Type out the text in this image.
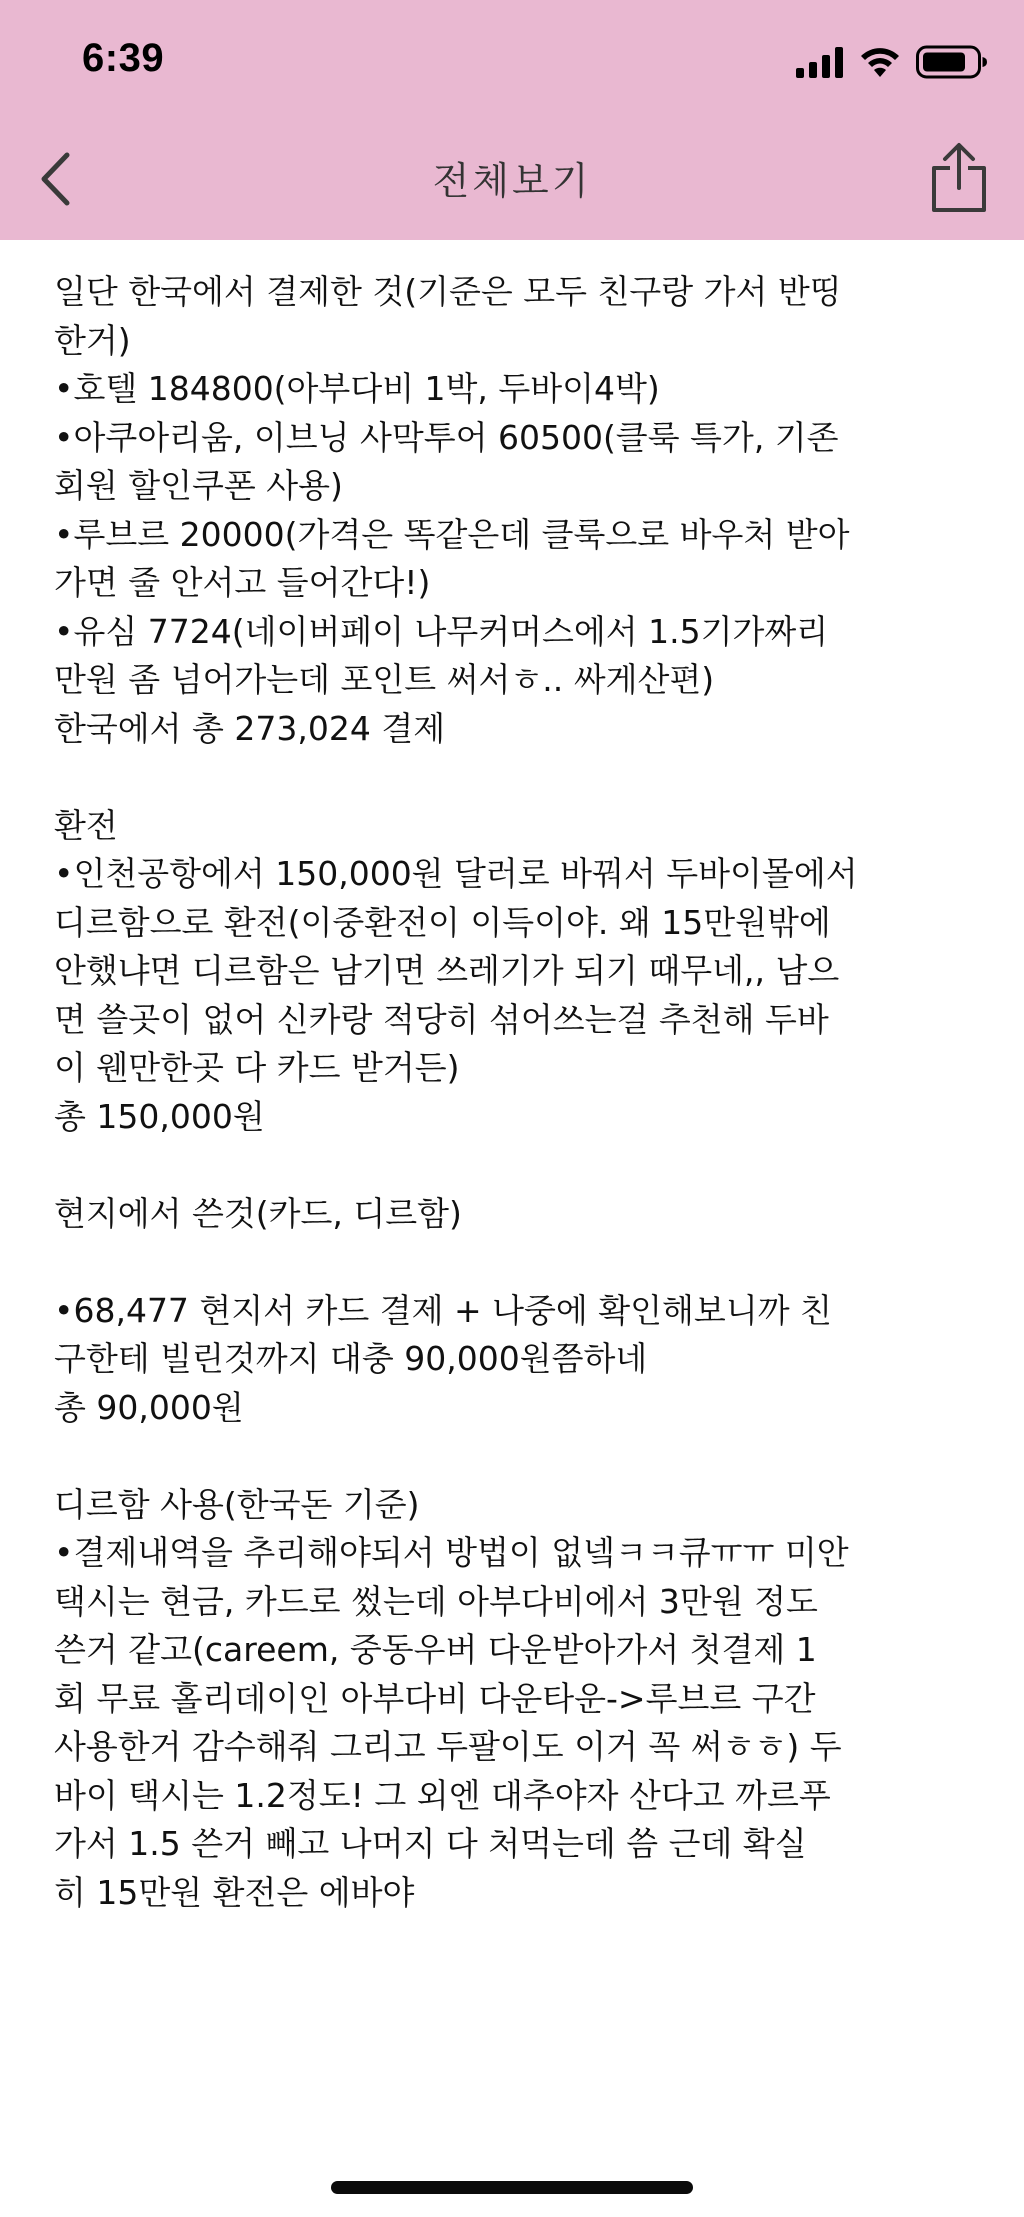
6:39
전체보기
일단 한국에서 결제한 것(기준은 모두 친구랑 가서 반띵
한거)
•호텔 184800(아부다비 1박, 두바이4박)
•아쿠아리움, 이브닝 사막투어 60500(클룩 특가, 기존
회원 할인쿠폰 사용)
•루브르 20000(가격은 똑같은데 클룩으로 바우처 받아
가면 줄 안서고 들어간다!)
•유심 7724(네이버페이 나무커머스에서 1.5기가짜리
만원 좀 넘어가는데 포인트 써서ㅎ.. 싸게산편)
한국에서 총 273,024 결제
환전
•인천공항에서 150,000원 달러로 바꿔서 두바이몰에서
디르함으로 환전(이중환전이 이득이야. 왜 15만원밖에
안했냐면 디르함은 남기면 쓰레기가 되기 때무네,, 남으
면 쓸곳이 없어 신카랑 적당히 섞어쓰는걸 추천해 두바
이 웬만한곳 다 카드 받거든)
총 150,000원
현지에서 쓴것(카드, 디르함)
•68,477 현지서 카드 결제 + 나중에 확인해보니까 친
구한테 빌린것까지 대충 90,000원쯤하네
총 90,000원
디르함 사용(한국돈 기준)
•결제내역을 추리해야되서 방법이 없넼ㅋㅋ큐ㅠㅠ 미안
택시는 현금, 카드로 썼는데 아부다비에서 3만원 정도
쓴거 같고(careem, 중동우버 다운받아가서 첫결제 1
회 무료 홀리데이인 아부다비 다운타운->루브르 구간
사용한거 감수해줘 그리고 두팔이도 이거 꼭 써ㅎㅎ) 두
바이 택시는 1.2정도! 그 외엔 대추야자 산다고 까르푸
가서 1.5 쓴거 빼고 나머지 다 처먹는데 씀 근데 확실
히 15만원 환전은 에바야
